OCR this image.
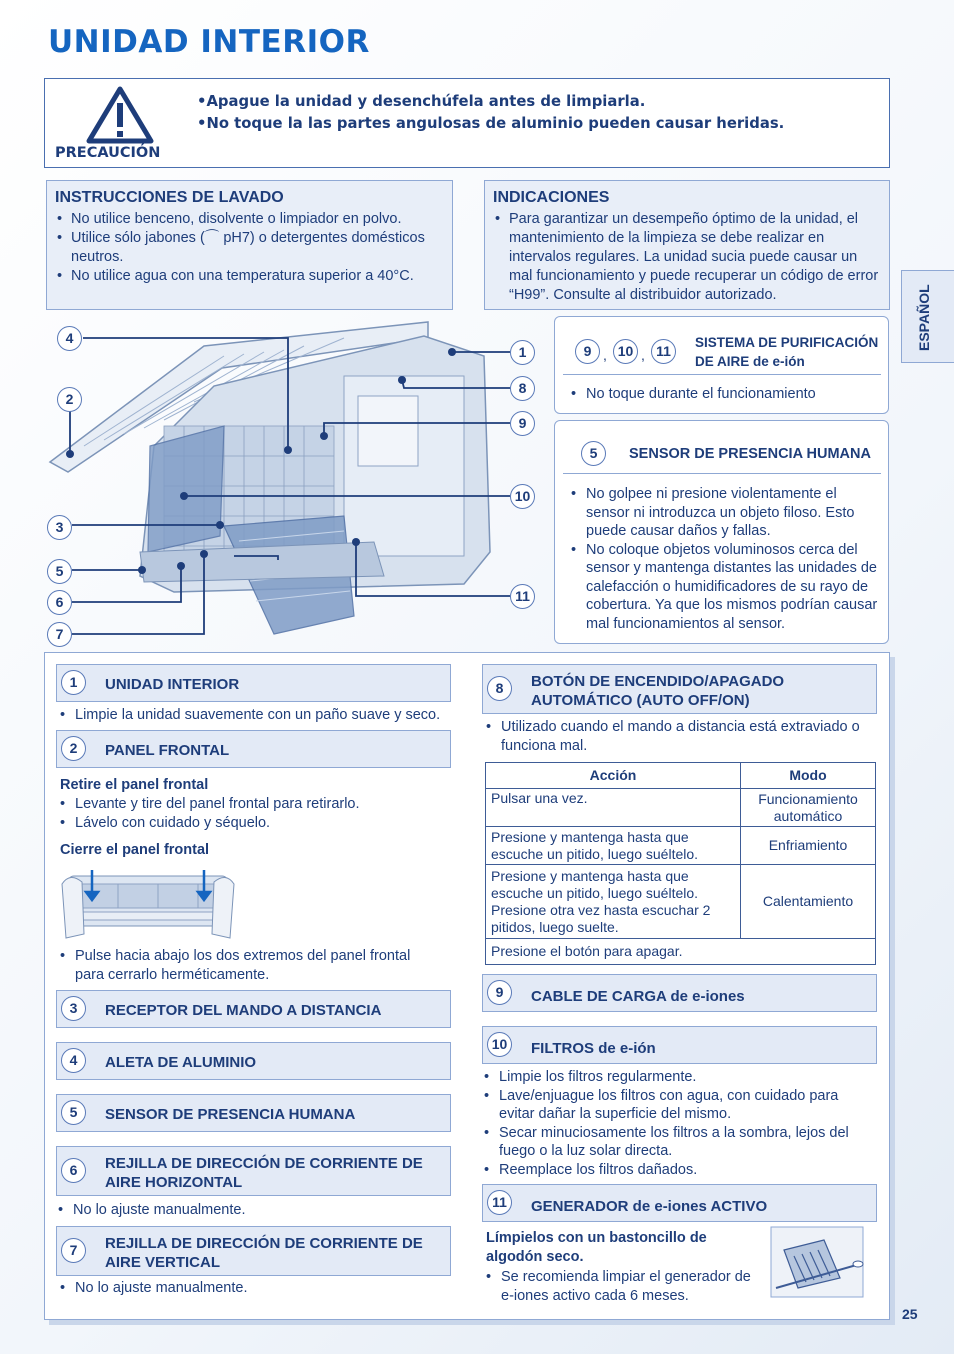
UNIDAD INTERIOR
PRECAUCIÓN
•Apague la unidad y desenchúfela antes de limpiarla.
•No toque la las partes angulosas de aluminio pueden causar heridas.
INSTRUCCIONES DE LAVADO
• No utilice benceno, disolvente o limpiador en polvo.
• Utilice sólo jabones (⌒ pH7) o detergentes domésticos neutros.
• No utilice agua con una temperatura superior a 40°C.
INDICACIONES
• Para garantizar un desempeño óptimo de la unidad, el mantenimiento de la limpieza se debe realizar en intervalos regulares. La unidad sucia puede causar un mal funcionamiento y puede recuperar un código de error “H99”. Consulte al distribuidor autorizado.	ESPAÑOL
4
2
3
5
6
7
1
8
9
10
11
9 , 10 , 11
SISTEMA DE PURIFICACIÓN
DE AIRE de e-ión
• No toque durante el funcionamiento
5	SENSOR DE PRESENCIA HUMANA
• No golpee ni presione violentamente el sensor ni introduzca un objeto filoso. Esto puede causar daños y fallas.
• No coloque objetos voluminosos cerca del sensor y mantenga distantes las unidades de calefacción o humidificadores de su rayo de cobertura. Ya que los mismos podrían causar mal funcionamientos al sensor.
1	UNIDAD INTERIOR
• Limpie la unidad suavemente con un paño suave y seco.
2	PANEL FRONTAL
Retire el panel frontal
• Levante y tire del panel frontal para retirarlo.
• Lávelo con cuidado y séquelo.
Cierre el panel frontal
• Pulse hacia abajo los dos extremos del panel frontal para cerrarlo herméticamente.
3	RECEPTOR DEL MANDO A DISTANCIA
4	ALETA DE ALUMINIO
5	SENSOR DE PRESENCIA HUMANA
6	REJILLA DE DIRECCIÓN DE CORRIENTE DE AIRE HORIZONTAL
• No lo ajuste manualmente.
7	REJILLA DE DIRECCIÓN DE CORRIENTE DE AIRE VERTICAL
• No lo ajuste manualmente.
8	BOTÓN DE ENCENDIDO/APAGADO AUTOMÁTICO (AUTO OFF/ON)
• Utilizado cuando el mando a distancia está extraviado o funciona mal.
Acción	Modo
Pulsar una vez.	Funcionamiento automático
Presione y mantenga hasta que escuche un pitido, luego suéltelo.	Enfriamiento
Presione y mantenga hasta que escuche un pitido, luego suéltelo. Presione otra vez hasta escuchar 2 pitidos, luego suelte.	Calentamiento
Presione el botón para apagar.	
9	CABLE DE CARGA de e-iones
10	FILTROS de e-ión
• Limpie los filtros regularmente.
• Lave/enjuague los filtros con agua, con cuidado para evitar dañar la superficie del mismo.
• Secar minuciosamente los filtros a la sombra, lejos del fuego o la luz solar directa.
• Reemplace los filtros dañados.
11	GENERADOR de e-iones ACTIVO
Límpielos con un bastoncillo de algodón seco.
• Se recomienda limpiar el generador de e-iones activo cada 6 meses.
25
